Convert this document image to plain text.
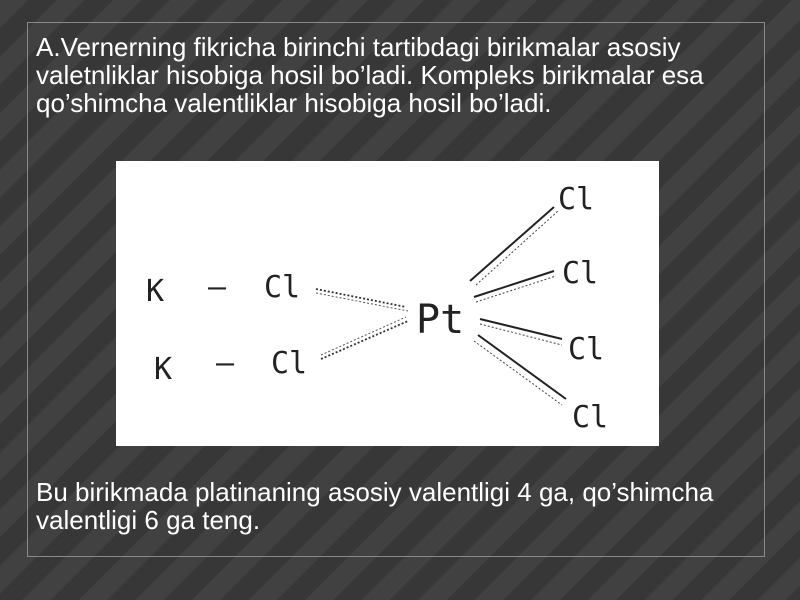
A.Vernerning fikricha birinchi tartibdagi birikmalar asosiy valetnliklar hisobiga hosil bo’ladi. Kompleks birikmalar esa qo’shimcha valentliklar hisobiga hosil bo’ladi.

K – Cl
K – Cl
Pt
Cl
Cl
Cl
Cl

Bu birikmada platinaning asosiy valentligi 4 ga, qo’shimcha valentligi 6 ga teng.
